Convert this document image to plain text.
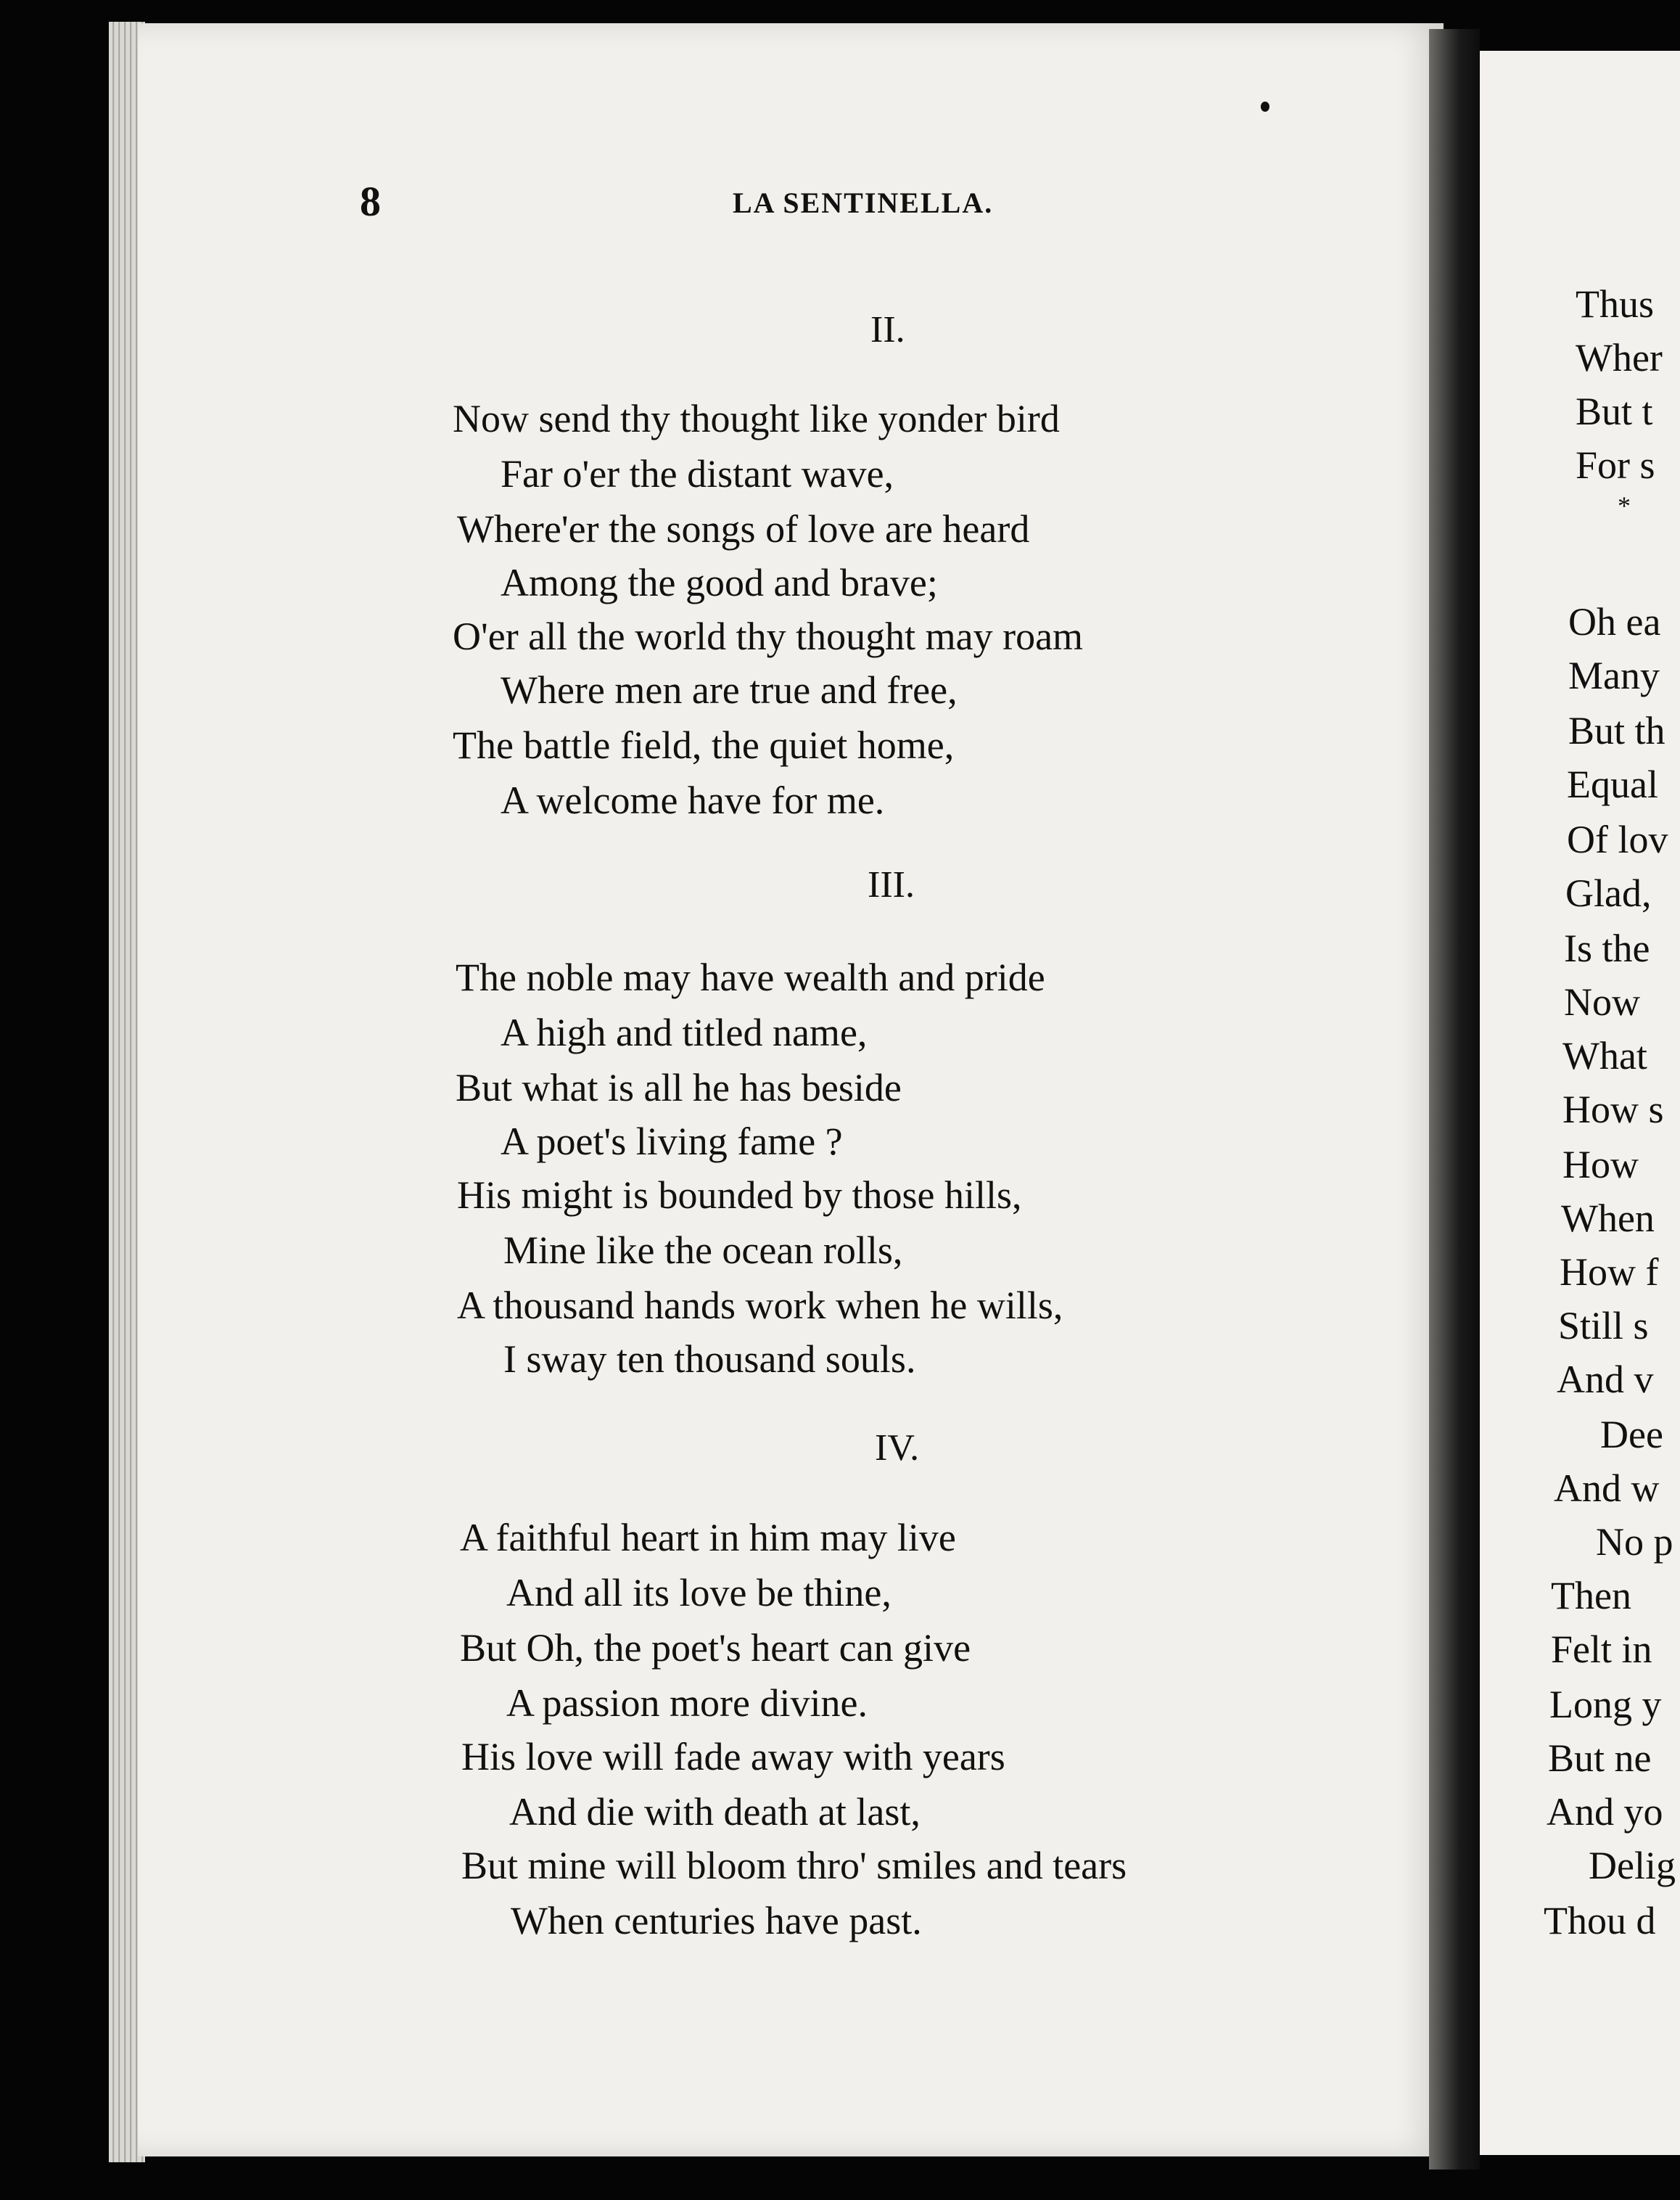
8	LA SENTINELLA.
II.
Now send thy thought like yonder bird
Far o'er the distant wave,
Where'er the songs of love are heard
Among the good and brave;
O'er all the world thy thought may roam
Where men are true and free,
The battle field, the quiet home,
A welcome have for me.
III.
The noble may have wealth and pride
A high and titled name,
But what is all he has beside
A poet's living fame ?
His might is bounded by those hills,
Mine like the ocean rolls,
A thousand hands work when he wills,
I sway ten thousand souls.
IV.
A faithful heart in him may live
And all its love be thine,
But Oh, the poet's heart can give
A passion more divine.
His love will fade away with years
And die with death at last,
But mine will bloom thro' smiles and tears
When centuries have past.
Thus
Wher
But t
For s
*
Oh ea
Many
But th
Equal
Of lov
Glad,
Is the
Now
What
How s
How
When
How f
Still s
And v
Dee
And w
No p
Then
Felt in
Long y
But ne
And yo
Delig
Thou d
